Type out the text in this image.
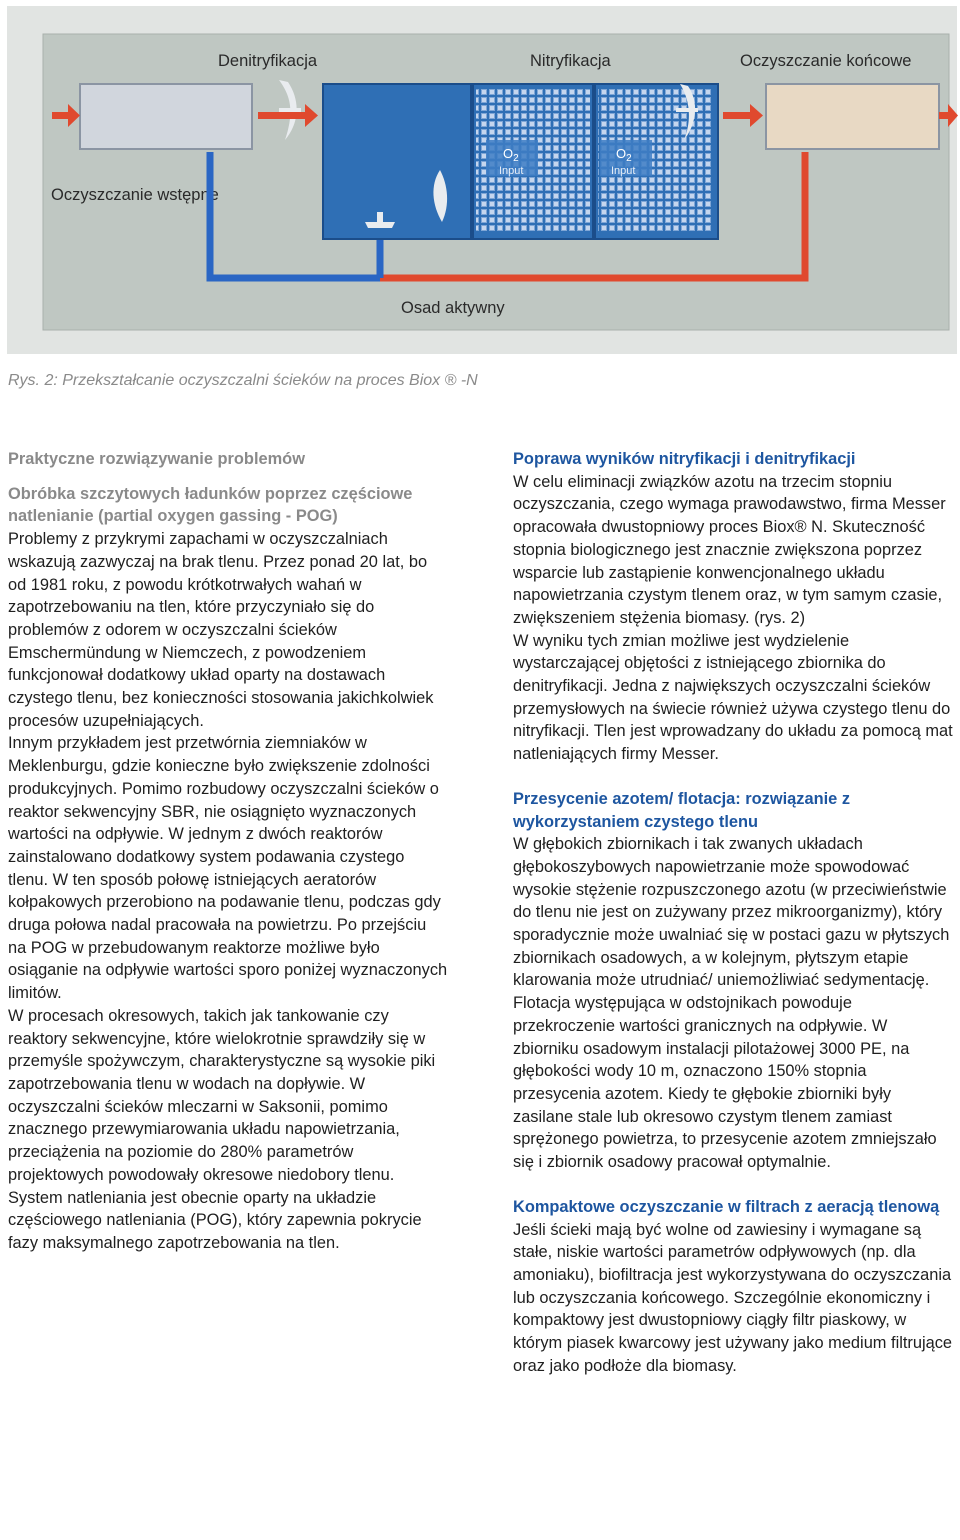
Denitryfikacja	Nitryfikacja	Oczyszczanie końcowe
Oczyszczanie wstępne
Osad aktywny
$O_2$
Input
$O_2$
Input
Rys. 2: Przekształcanie oczyszczalni ścieków na proces Biox ® -N

Praktyczne rozwiązywanie problemów

Obróbka szczytowych ładunków poprzez częściowe natlenianie (partial oxygen gassing - POG)

Problemy z przykrymi zapachami w oczyszczalniach wskazują zazwyczaj na brak tlenu. Przez ponad 20 lat, bo od 1981 roku, z powodu krótkotrwałych wahań w zapotrzebowaniu na tlen, które przyczyniało się do problemów z odorem w oczyszczalni ścieków Emschermündung w Niemczech, z powodzeniem funkcjonował dodatkowy układ oparty na dostawach czystego tlenu, bez konieczności stosowania jakichkolwiek procesów uzupełniających.

Innym przykładem jest przetwórnia ziemniaków w Meklenburgu, gdzie konieczne było zwiększenie zdolności produkcyjnych. Pomimo rozbudowy oczyszczalni ścieków o reaktor sekwencyjny SBR, nie osiągnięto wyznaczonych wartości na odpływie. W jednym z dwóch reaktorów zainstalowano dodatkowy system podawania czystego tlenu. W ten sposób połowę istniejących aeratorów kołpakowych przerobiono na podawanie tlenu, podczas gdy druga połowa nadal pracowała na powietrzu. Po przejściu na POG w przebudowanym reaktorze możliwe było osiąganie na odpływie wartości sporo poniżej wyznaczonych limitów.

W procesach okresowych, takich jak tankowanie czy reaktory sekwencyjne, które wielokrotnie sprawdziły się w przemyśle spożywczym, charakterystyczne są wysokie piki zapotrzebowania tlenu w wodach na dopływie. W oczyszczalni ścieków mleczarni w Saksonii, pomimo znacznego przewymiarowania układu napowietrzania, przeciążenia na poziomie do 280% parametrów projektowych powodowały okresowe niedobory tlenu. System natleniania jest obecnie oparty na układzie częściowego natleniania (POG), który zapewnia pokrycie fazy maksymalnego zapotrzebowania na tlen.

Poprawa wyników nitryfikacji i denitryfikacji

W celu eliminacji związków azotu na trzecim stopniu oczyszczania, czego wymaga prawodawstwo, firma Messer opracowała dwustopniowy proces Biox® N. Skuteczność stopnia biologicznego jest znacznie zwiększona poprzez wsparcie lub zastąpienie konwencjonalnego układu napowietrzania czystym tlenem oraz, w tym samym czasie, zwiększeniem stężenia biomasy. (rys. 2)

W wyniku tych zmian możliwe jest wydzielenie wystarczającej objętości z istniejącego zbiornika do denitryfikacji. Jedna z największych oczyszczalni ścieków przemysłowych na świecie również używa czystego tlenu do nitryfikacji. Tlen jest wprowadzany do układu za pomocą mat natleniających firmy Messer.

Przesycenie azotem/ flotacja: rozwiązanie z wykorzystaniem czystego tlenu

W głębokich zbiornikach i tak zwanych układach głębokoszybowych napowietrzanie może spowodować wysokie stężenie rozpuszczonego azotu (w przeciwieństwie do tlenu nie jest on zużywany przez mikroorganizmy), który sporadycznie może uwalniać się w postaci gazu w płytszych zbiornikach osadowych, a w kolejnym, płytszym etapie klarowania może utrudniać/ uniemożliwiać sedymentację. Flotacja występująca w odstojnikach powoduje przekroczenie wartości granicznych na odpływie. W zbiorniku osadowym instalacji pilotażowej 3000 PE, na głębokości wody 10 m, oznaczono 150% stopnia przesycenia azotem. Kiedy te głębokie zbiorniki były zasilane stale lub okresowo czystym tlenem zamiast sprężonego powietrza, to przesycenie azotem zmniejszało się i zbiornik osadowy pracował optymalnie.

Kompaktowe oczyszczanie w filtrach z aeracją tlenową

Jeśli ścieki mają być wolne od zawiesiny i wymagane są stałe, niskie wartości parametrów odpływowych (np. dla amoniaku), biofiltracja jest wykorzystywana do oczyszczania lub oczyszczania końcowego. Szczególnie ekonomiczny i kompaktowy jest dwustopniowy ciągły filtr piaskowy, w którym piasek kwarcowy jest używany jako medium filtrujące oraz jako podłoże dla biomasy.
